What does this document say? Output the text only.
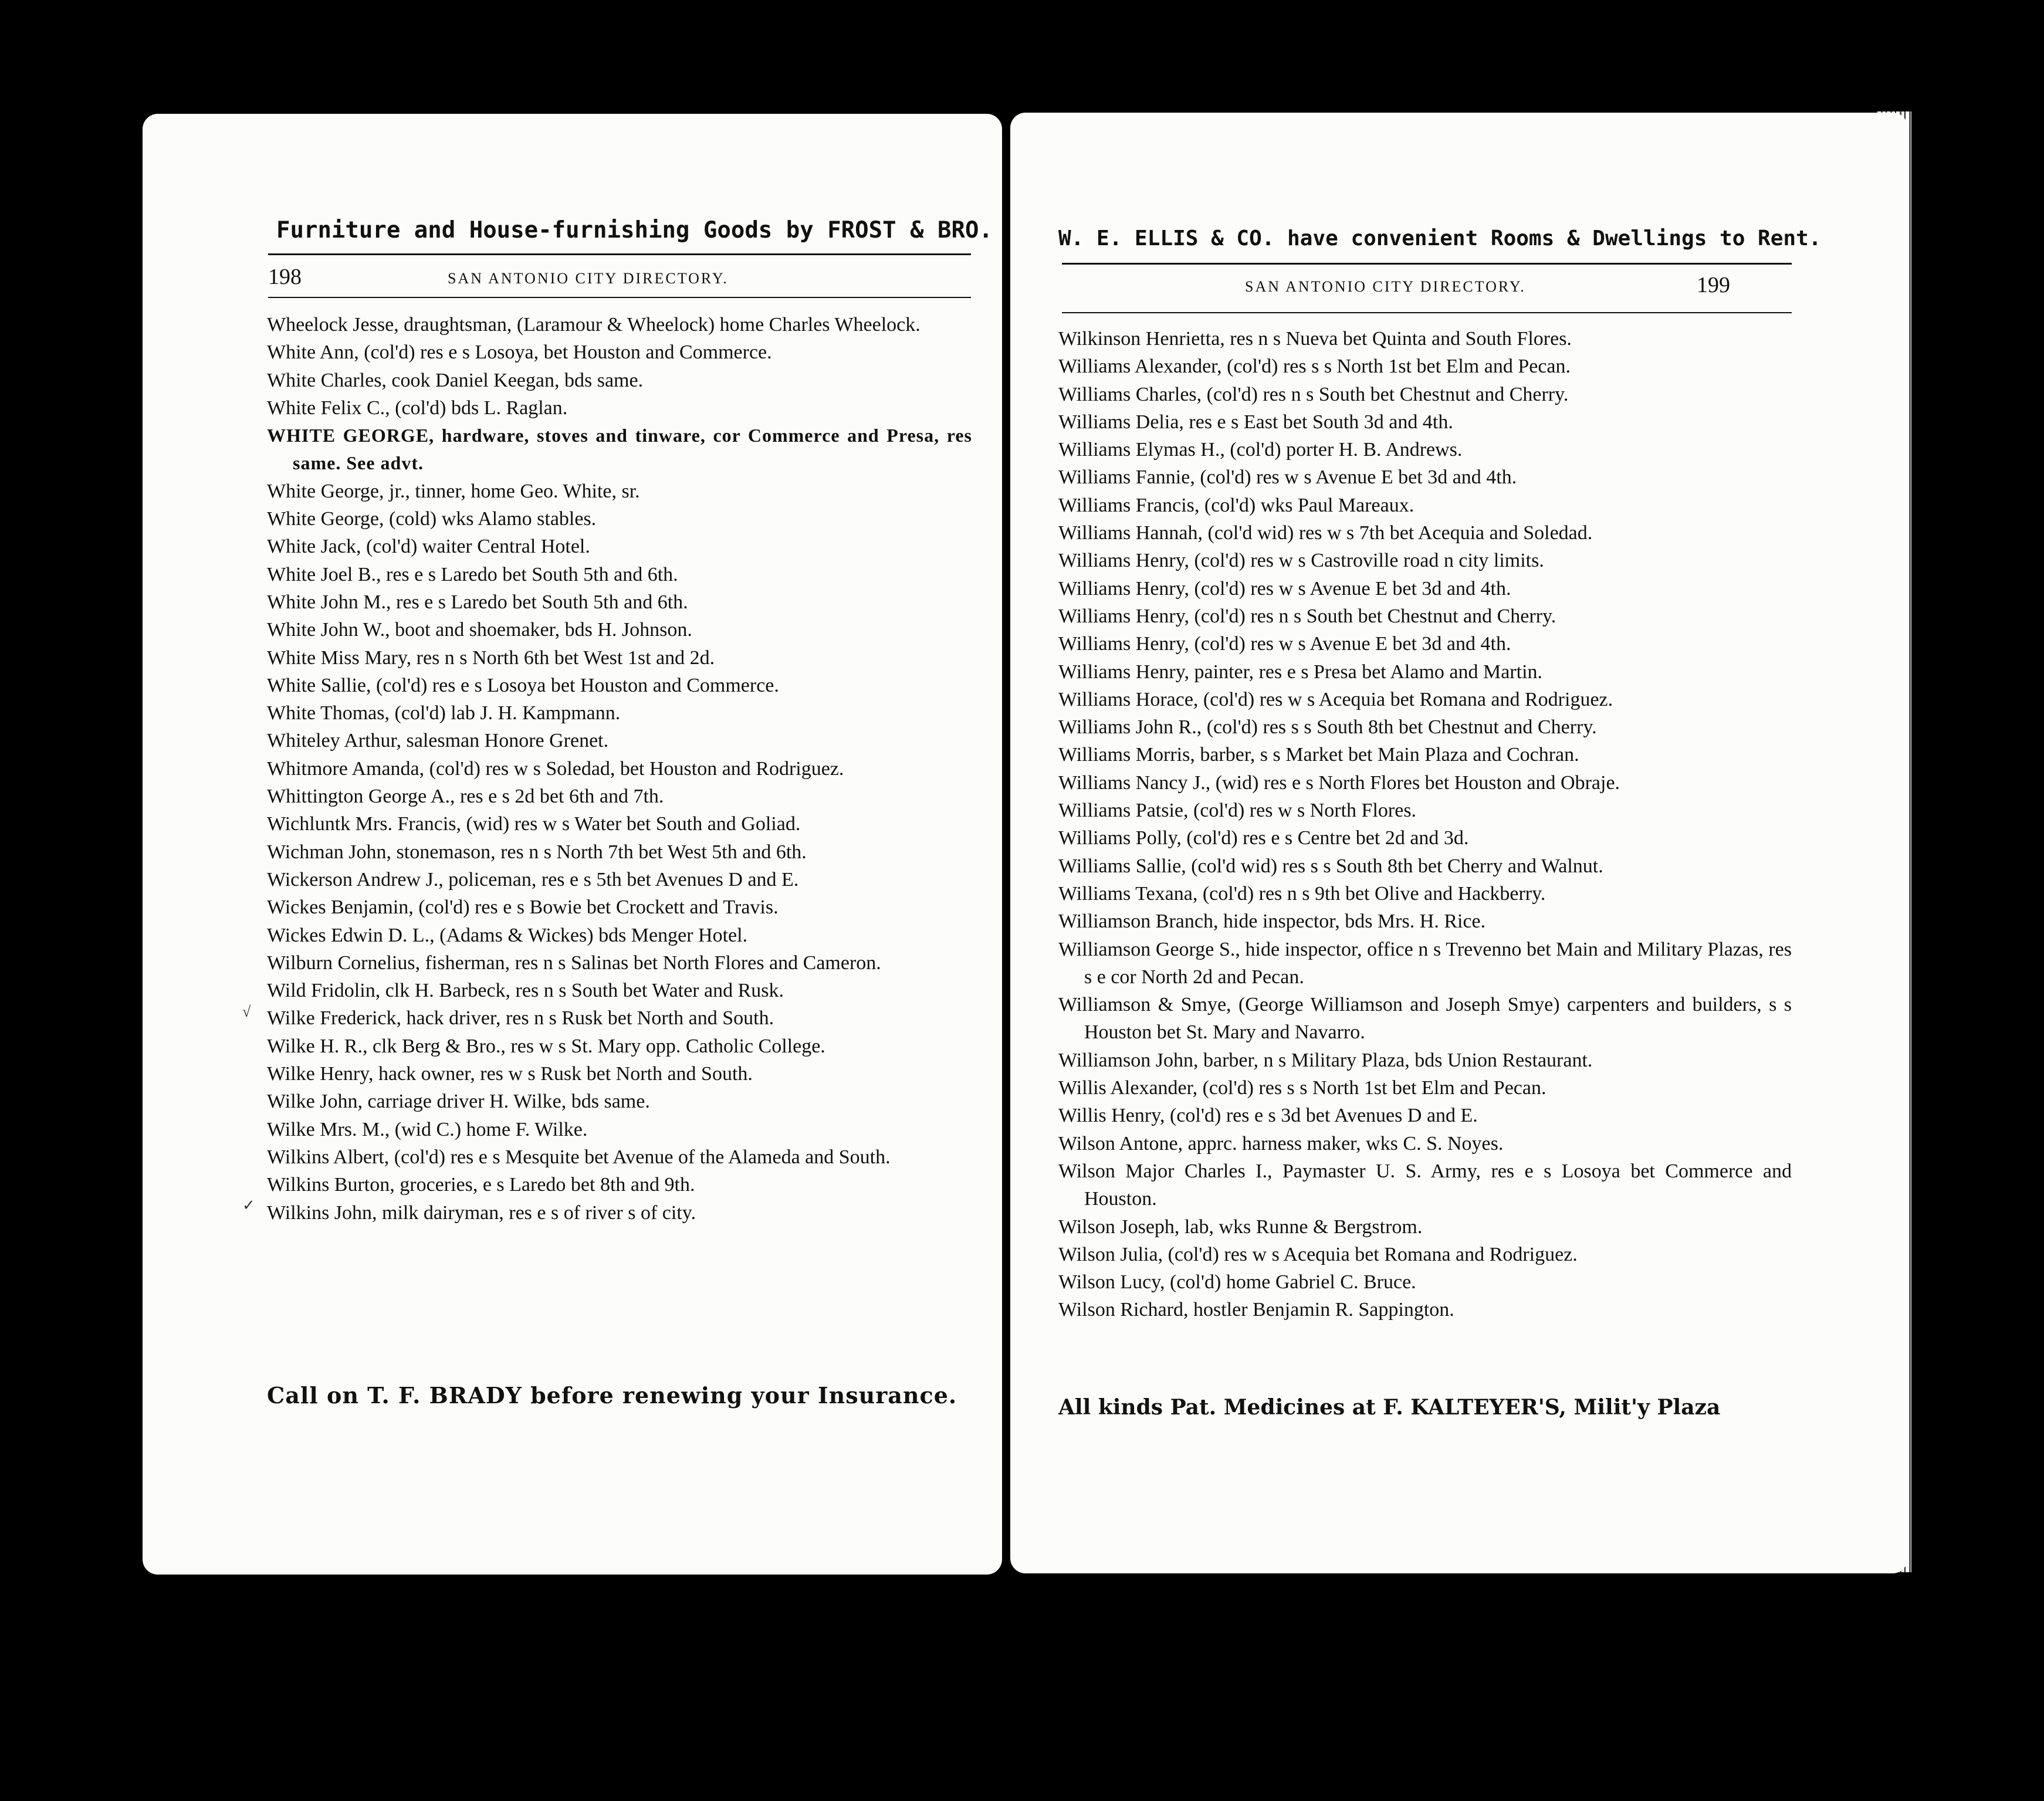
Furniture and House-furnishing Goods by FROST & BRO.
198	SAN ANTONIO CITY DIRECTORY.
Wheelock Jesse, draughtsman, (Laramour & Wheelock) home Charles Wheelock.
White Ann, (col'd) res e s Losoya, bet Houston and Commerce.
White Charles, cook Daniel Keegan, bds same.
White Felix C., (col'd) bds L. Raglan.
WHITE GEORGE, hardware, stoves and tinware, cor Commerce and Presa, res same. See advt.
White George, jr., tinner, home Geo. White, sr.
White George, (cold) wks Alamo stables.
White Jack, (col'd) waiter Central Hotel.
White Joel B., res e s Laredo bet South 5th and 6th.
White John M., res e s Laredo bet South 5th and 6th.
White John W., boot and shoemaker, bds H. Johnson.
White Miss Mary, res n s North 6th bet West 1st and 2d.
White Sallie, (col'd) res e s Losoya bet Houston and Commerce.
White Thomas, (col'd) lab J. H. Kampmann.
Whiteley Arthur, salesman Honore Grenet.
Whitmore Amanda, (col'd) res w s Soledad, bet Houston and Rodriguez.
Whittington George A., res e s 2d bet 6th and 7th.
Wichluntk Mrs. Francis, (wid) res w s Water bet South and Goliad.
Wichman John, stonemason, res n s North 7th bet West 5th and 6th.
Wickerson Andrew J., policeman, res e s 5th bet Avenues D and E.
Wickes Benjamin, (col'd) res e s Bowie bet Crockett and Travis.
Wickes Edwin D. L., (Adams & Wickes) bds Menger Hotel.
Wilburn Cornelius, fisherman, res n s Salinas bet North Flores and Cameron.
Wild Fridolin, clk H. Barbeck, res n s South bet Water and Rusk.
Wilke Frederick, hack driver, res n s Rusk bet North and South.
Wilke H. R., clk Berg & Bro., res w s St. Mary opp. Catholic College.
Wilke Henry, hack owner, res w s Rusk bet North and South.
Wilke John, carriage driver H. Wilke, bds same.
Wilke Mrs. M., (wid C.) home F. Wilke.
Wilkins Albert, (col'd) res e s Mesquite bet Avenue of the Alameda and South.
Wilkins Burton, groceries, e s Laredo bet 8th and 9th.
Wilkins John, milk dairyman, res e s of river s of city.
Call on T. F. BRADY before renewing your Insurance.
√
✓
W. E. ELLIS & CO. have convenient Rooms & Dwellings to Rent.
SAN ANTONIO CITY DIRECTORY.	199
Wilkinson Henrietta, res n s Nueva bet Quinta and South Flores.
Williams Alexander, (col'd) res s s North 1st bet Elm and Pecan.
Williams Charles, (col'd) res n s South bet Chestnut and Cherry.
Williams Delia, res e s East bet South 3d and 4th.
Williams Elymas H., (col'd) porter H. B. Andrews.
Williams Fannie, (col'd) res w s Avenue E bet 3d and 4th.
Williams Francis, (col'd) wks Paul Mareaux.
Williams Hannah, (col'd wid) res w s 7th bet Acequia and Soledad.
Williams Henry, (col'd) res w s Castroville road n city limits.
Williams Henry, (col'd) res w s Avenue E bet 3d and 4th.
Williams Henry, (col'd) res n s South bet Chestnut and Cherry.
Williams Henry, (col'd) res w s Avenue E bet 3d and 4th.
Williams Henry, painter, res e s Presa bet Alamo and Martin.
Williams Horace, (col'd) res w s Acequia bet Romana and Rodriguez.
Williams John R., (col'd) res s s South 8th bet Chestnut and Cherry.
Williams Morris, barber, s s Market bet Main Plaza and Cochran.
Williams Nancy J., (wid) res e s North Flores bet Houston and Obraje.
Williams Patsie, (col'd) res w s North Flores.
Williams Polly, (col'd) res e s Centre bet 2d and 3d.
Williams Sallie, (col'd wid) res s s South 8th bet Cherry and Walnut.
Williams Texana, (col'd) res n s 9th bet Olive and Hackberry.
Williamson Branch, hide inspector, bds Mrs. H. Rice.
Williamson George S., hide inspector, office n s Trevenno bet Main and Military Plazas, res s e cor North 2d and Pecan.
Williamson & Smye, (George Williamson and Joseph Smye) carpenters and builders, s s Houston bet St. Mary and Navarro.
Williamson John, barber, n s Military Plaza, bds Union Restaurant.
Willis Alexander, (col'd) res s s North 1st bet Elm and Pecan.
Willis Henry, (col'd) res e s 3d bet Avenues D and E.
Wilson Antone, apprc. harness maker, wks C. S. Noyes.
Wilson Major Charles I., Paymaster U. S. Army, res e s Losoya bet Commerce and Houston.
Wilson Joseph, lab, wks Runne & Bergstrom.
Wilson Julia, (col'd) res w s Acequia bet Romana and Rodriguez.
Wilson Lucy, (col'd) home Gabriel C. Bruce.
Wilson Richard, hostler Benjamin R. Sappington.
All kinds Pat. Medicines at F. KALTEYER'S, Milit'y Plaza
